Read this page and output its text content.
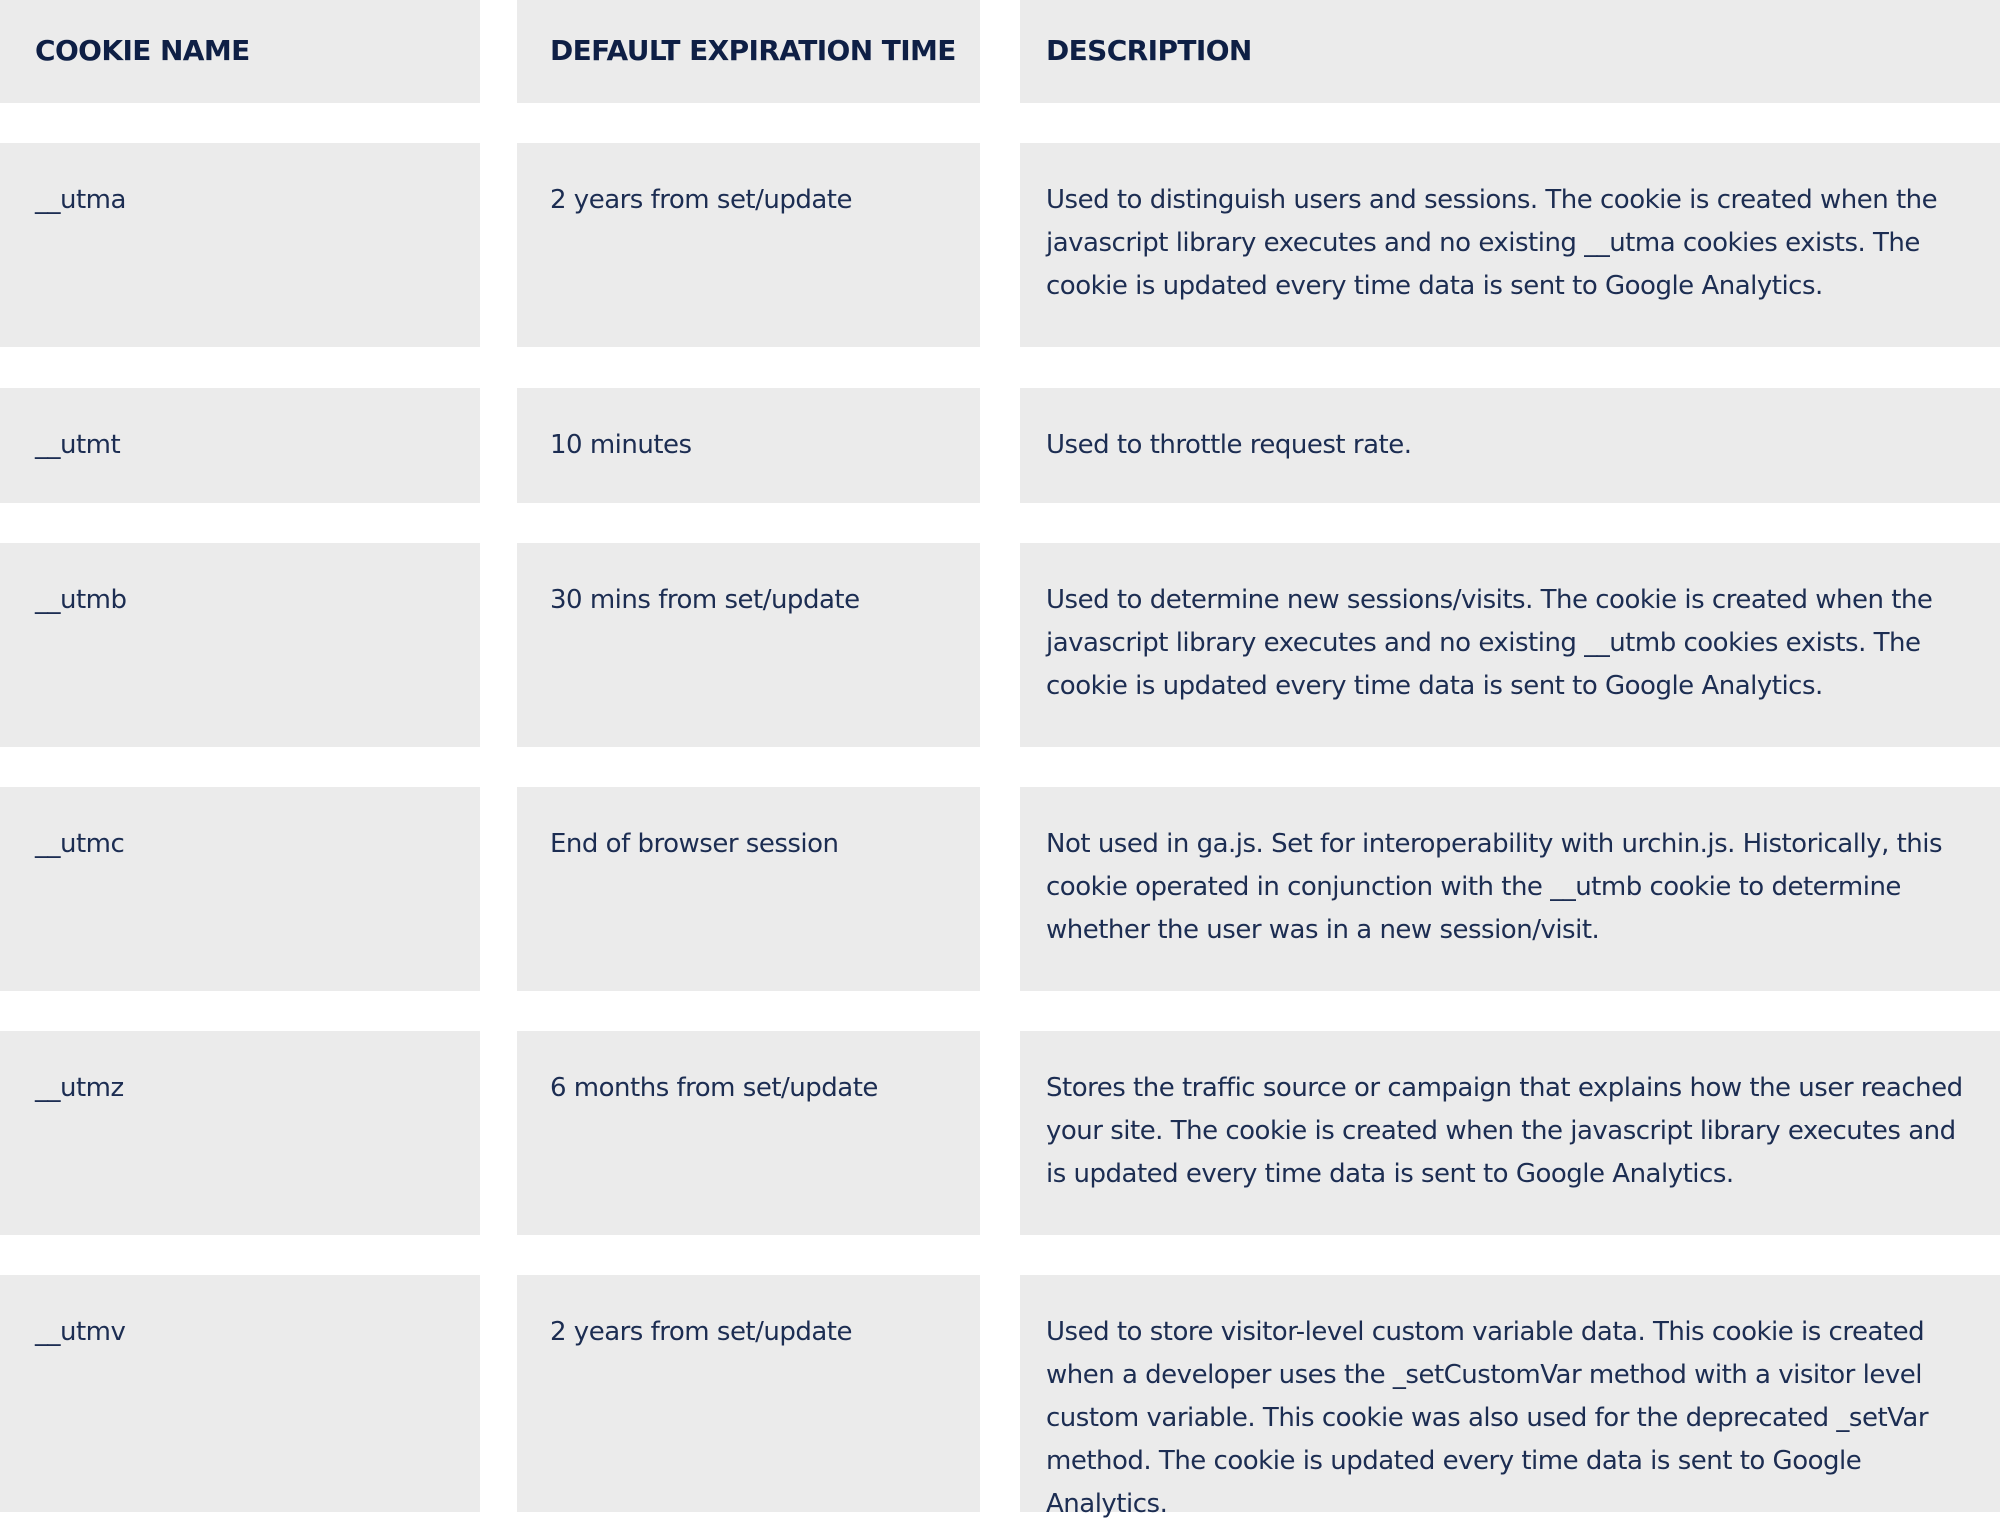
COOKIE NAME	DEFAULT EXPIRATION TIME	DESCRIPTION
__utma	2 years from set/update	Used to distinguish users and sessions. The cookie is created when the javascript library executes and no existing __utma cookies exists. The cookie is updated every time data is sent to Google Analytics.
__utmt	10 minutes	Used to throttle request rate.
__utmb	30 mins from set/update	Used to determine new sessions/visits. The cookie is created when the javascript library executes and no existing __utmb cookies exists. The cookie is updated every time data is sent to Google Analytics.
__utmc	End of browser session	Not used in ga.js. Set for interoperability with urchin.js. Historically, this cookie operated in conjunction with the __utmb cookie to determine whether the user was in a new session/visit.
__utmz	6 months from set/update	Stores the traffic source or campaign that explains how the user reached your site. The cookie is created when the javascript library executes and is updated every time data is sent to Google Analytics.
__utmv	2 years from set/update	Used to store visitor-level custom variable data. This cookie is created when a developer uses the _setCustomVar method with a visitor level custom variable. This cookie was also used for the deprecated _setVar method. The cookie is updated every time data is sent to Google Analytics.
